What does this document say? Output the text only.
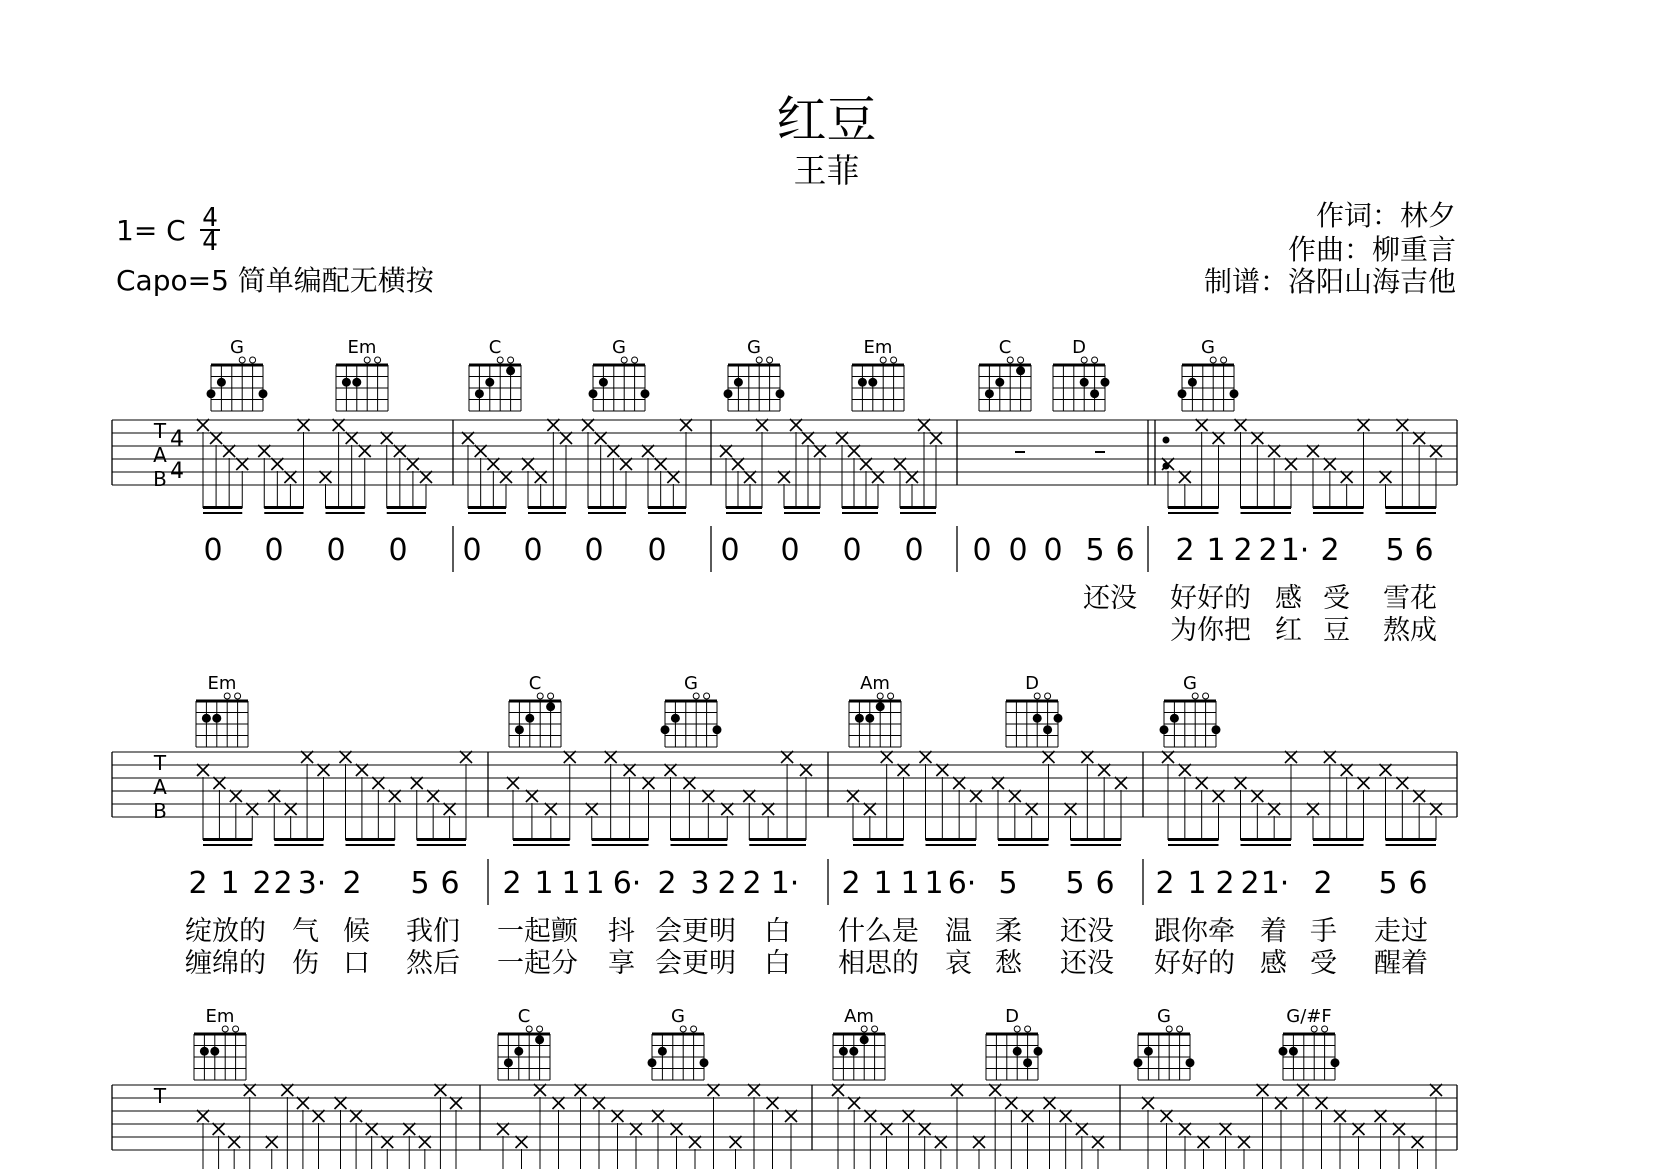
红豆
王菲
1= C 4
4
Capo=5 简单编配无横按
作词：林夕
作曲：柳重言
制谱：洛阳山海吉他
G	Em	C	G	G	Em	C	D	G
T
A
B
4
4
0 0 0 0 0 0 0 0 0 0 0 0 0 0 0 5 6 2 1 2 2 1· 2 5 6
还没 好好的 感 受 雪花
为你把 红 豆 熬成
Em	C	G	Am	D	G
T
A
B
2 1 2 2 3· 2 5 6 2 1 1 1 6· 2 3 2 2 1· 2 1 1 1 6· 5 5 6 2 1 2 2 1· 2 5 6
绽放的 气 候 我们 一起颤 抖 会更明 白 什么是 温 柔 还没 跟你牵 着 手 走过
缠绵的 伤 口 然后 一起分 享 会更明 白 相思的 哀 愁 还没 好好的 感 受 醒着
Em	C	G	Am	D	G	G/#F
T
